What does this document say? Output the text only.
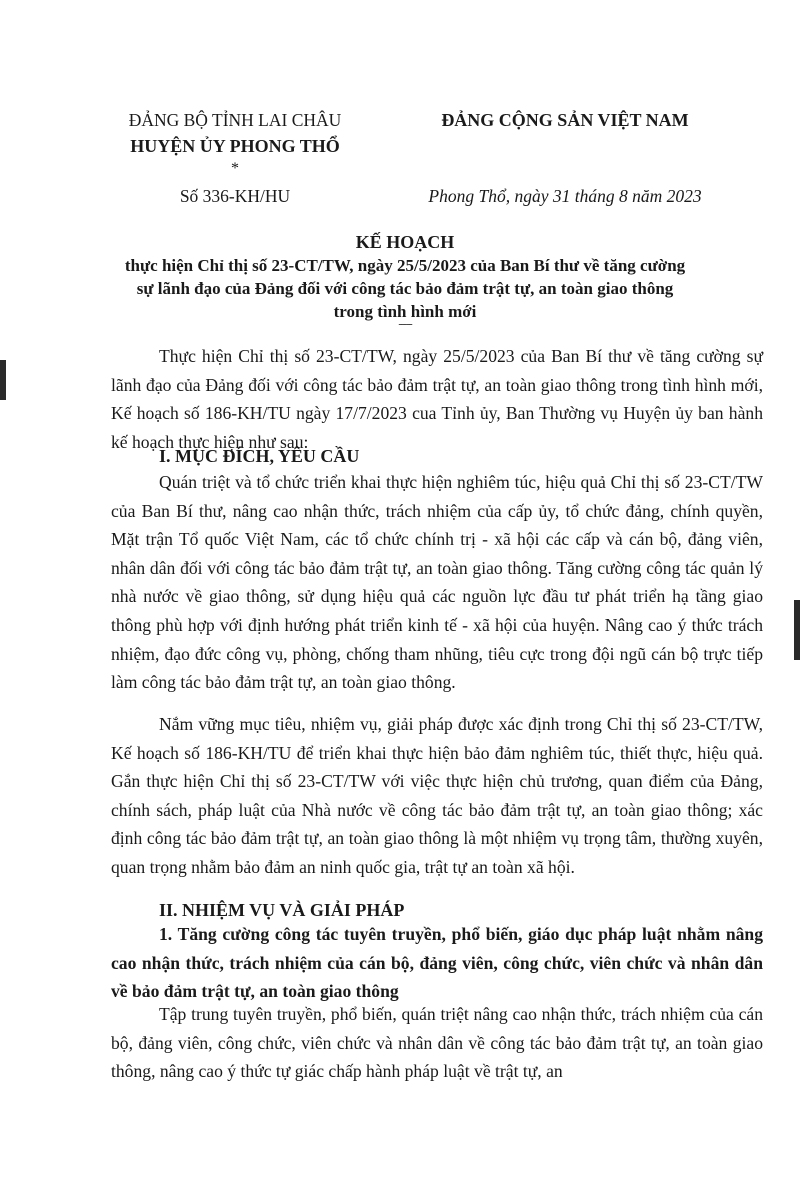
ĐẢNG BỘ TỈNH LAI CHÂU
HUYỆN ỦY PHONG THỔ
*
Số 336-KH/HU
ĐẢNG CỘNG SẢN VIỆT NAM
Phong Thổ, ngày 31 tháng 8 năm 2023
KẾ HOẠCH
thực hiện Chỉ thị số 23-CT/TW, ngày 25/5/2023 của Ban Bí thư về tăng cường
sự lãnh đạo của Đảng đối với công tác bảo đảm trật tự, an toàn giao thông
trong tình hình mới
-----
Thực hiện Chỉ thị số 23-CT/TW, ngày 25/5/2023 của Ban Bí thư về tăng cường sự lãnh đạo của Đảng đối với công tác bảo đảm trật tự, an toàn giao thông trong tình hình mới, Kế hoạch số 186-KH/TU ngày 17/7/2023 cua Tỉnh ủy, Ban Thường vụ Huyện ủy ban hành kế hoạch thực hiện như sau:
I. MỤC ĐÍCH, YÊU CẦU
Quán triệt và tổ chức triển khai thực hiện nghiêm túc, hiệu quả Chỉ thị số 23-CT/TW của Ban Bí thư, nâng cao nhận thức, trách nhiệm của cấp ủy, tổ chức đảng, chính quyền, Mặt trận Tổ quốc Việt Nam, các tổ chức chính trị - xã hội các cấp và cán bộ, đảng viên, nhân dân đối với công tác bảo đảm trật tự, an toàn giao thông. Tăng cường công tác quản lý nhà nước về giao thông, sử dụng hiệu quả các nguồn lực đầu tư phát triển hạ tầng giao thông phù hợp với định hướng phát triển kinh tế - xã hội của huyện. Nâng cao ý thức trách nhiệm, đạo đức công vụ, phòng, chống tham nhũng, tiêu cực trong đội ngũ cán bộ trực tiếp làm công tác bảo đảm trật tự, an toàn giao thông.
Nắm vững mục tiêu, nhiệm vụ, giải pháp được xác định trong Chỉ thị số 23-CT/TW, Kế hoạch số 186-KH/TU để triển khai thực hiện bảo đảm nghiêm túc, thiết thực, hiệu quả. Gắn thực hiện Chỉ thị số 23-CT/TW với việc thực hiện chủ trương, quan điểm của Đảng, chính sách, pháp luật của Nhà nước về công tác bảo đảm trật tự, an toàn giao thông; xác định công tác bảo đảm trật tự, an toàn giao thông là một nhiệm vụ trọng tâm, thường xuyên, quan trọng nhằm bảo đảm an ninh quốc gia, trật tự an toàn xã hội.
II. NHIỆM VỤ VÀ GIẢI PHÁP
1. Tăng cường công tác tuyên truyền, phổ biến, giáo dục pháp luật nhằm nâng cao nhận thức, trách nhiệm của cán bộ, đảng viên, công chức, viên chức và nhân dân về bảo đảm trật tự, an toàn giao thông
Tập trung tuyên truyền, phổ biến, quán triệt nâng cao nhận thức, trách nhiệm của cán bộ, đảng viên, công chức, viên chức và nhân dân về công tác bảo đảm trật tự, an toàn giao thông, nâng cao ý thức tự giác chấp hành pháp luật về trật tự, an
